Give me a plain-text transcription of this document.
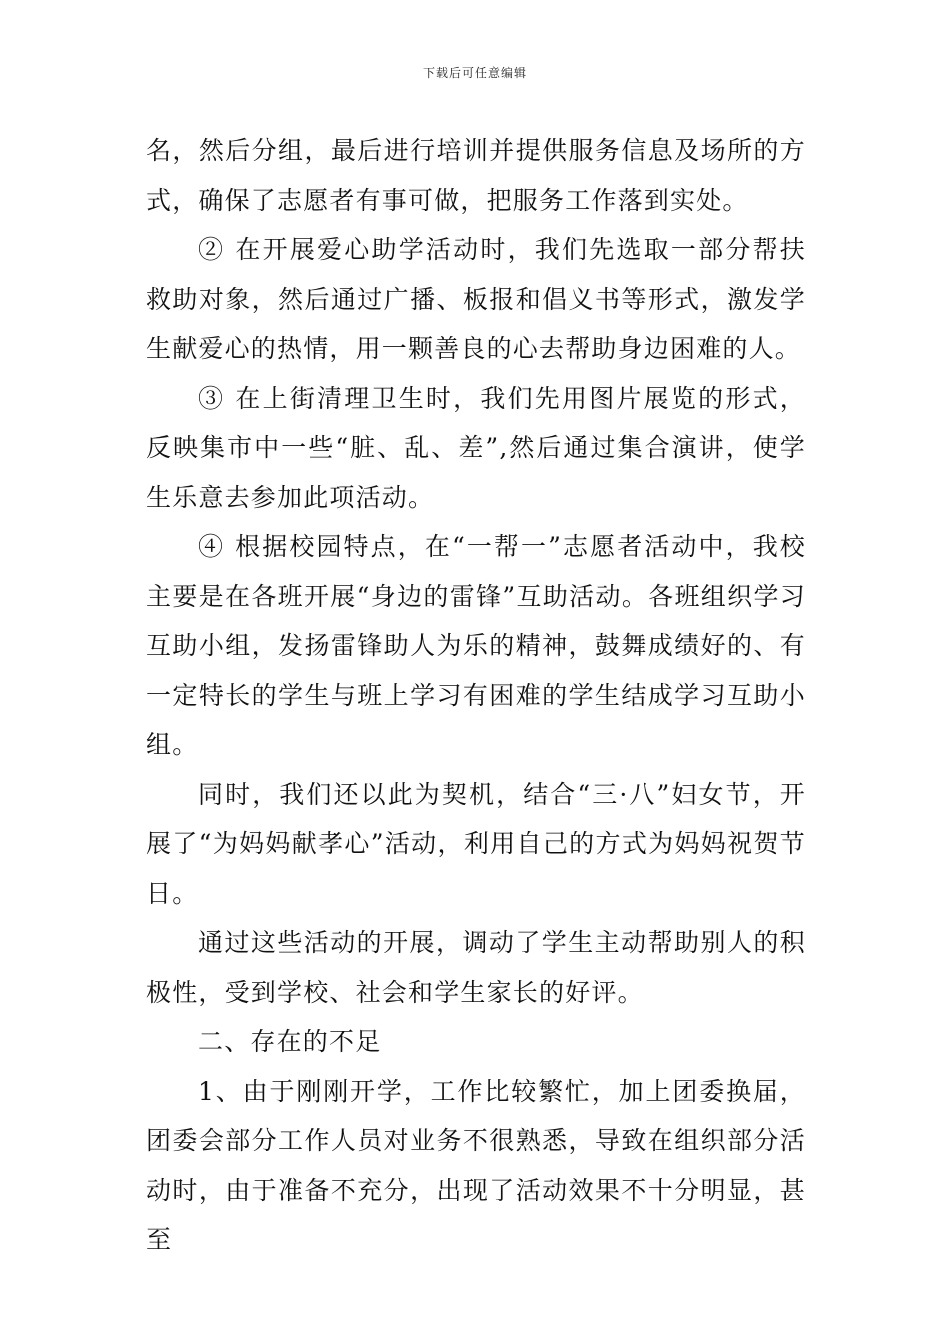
下载后可任意编辑

名，然后分组，最后进行培训并提供服务信息及场所的方式，确保了志愿者有事可做，把服务工作落到实处。

② 在开展爱心助学活动时，我们先选取一部分帮扶救助对象，然后通过广播、板报和倡义书等形式，激发学生献爱心的热情，用一颗善良的心去帮助身边困难的人。

③ 在上街清理卫生时，我们先用图片展览的形式，反映集市中一些“脏、乱、差”,然后通过集合演讲，使学生乐意去参加此项活动。

④ 根据校园特点，在“一帮一”志愿者活动中，我校主要是在各班开展“身边的雷锋”互助活动。各班组织学习互助小组，发扬雷锋助人为乐的精神，鼓舞成绩好的、有一定特长的学生与班上学习有困难的学生结成学习互助小组。

同时，我们还以此为契机，结合“三·八”妇女节，开展了“为妈妈献孝心”活动，利用自己的方式为妈妈祝贺节日。

通过这些活动的开展，调动了学生主动帮助别人的积极性，受到学校、社会和学生家长的好评。

二、存在的不足

1、由于刚刚开学，工作比较繁忙，加上团委换届，团委会部分工作人员对业务不很熟悉，导致在组织部分活动时，由于准备不充分，出现了活动效果不十分明显，甚至
